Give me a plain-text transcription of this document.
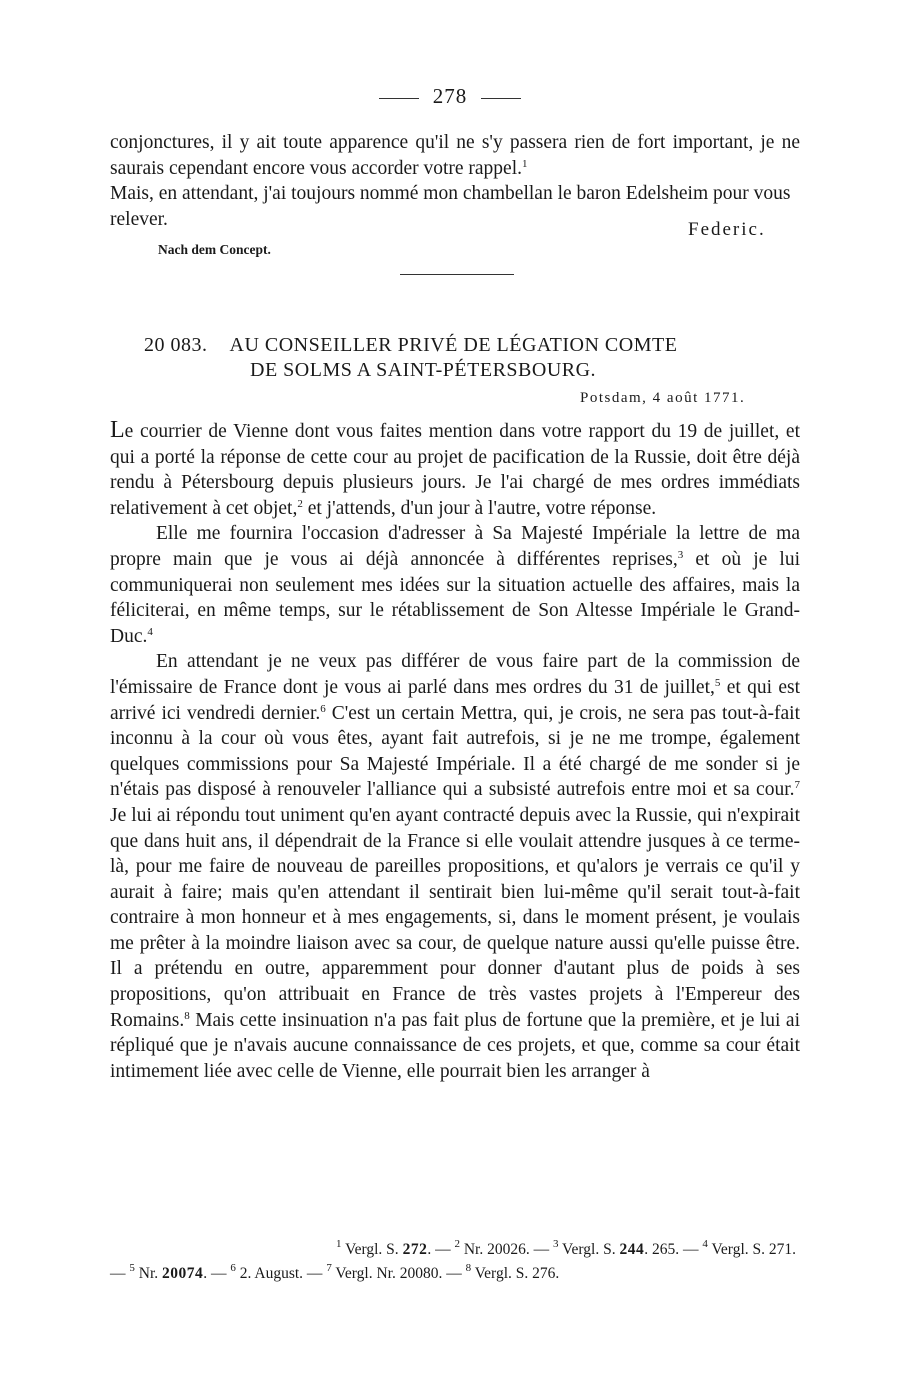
278

conjonctures, il y ait toute apparence qu'il ne s'y passera rien de fort important, je ne saurais cependant encore vous accorder votre rappel.$^1$

Mais, en attendant, j'ai toujours nommé mon chambellan le baron Edelsheim pour vous relever.	Federic.
Nach dem Concept.
20 083. AU CONSEILLER PRIVÉ DE LÉGATION COMTE
DE SOLMS A SAINT-PÉTERSBOURG.
Potsdam, 4 août 1771.

Le courrier de Vienne dont vous faites mention dans votre rapport du 19 de juillet, et qui a porté la réponse de cette cour au projet de pacification de la Russie, doit être déjà rendu à Pétersbourg depuis plusieurs jours. Je l'ai chargé de mes ordres immédiats relativement à cet objet,$^2$ et j'attends, d'un jour à l'autre, votre réponse.

Elle me fournira l'occasion d'adresser à Sa Majesté Impériale la lettre de ma propre main que je vous ai déjà annoncée à différentes reprises,$^3$ et où je lui communiquerai non seulement mes idées sur la situation actuelle des affaires, mais la féliciterai, en même temps, sur le rétablissement de Son Altesse Impériale le Grand-Duc.$^4$

En attendant je ne veux pas différer de vous faire part de la commission de l'émissaire de France dont je vous ai parlé dans mes ordres du 31 de juillet,$^5$ et qui est arrivé ici vendredi dernier.$^6$ C'est un certain Mettra, qui, je crois, ne sera pas tout-à-fait inconnu à la cour où vous êtes, ayant fait autrefois, si je ne me trompe, également quelques commissions pour Sa Majesté Impériale. Il a été chargé de me sonder si je n'étais pas disposé à renouveler l'alliance qui a subsisté autrefois entre moi et sa cour.$^7$ Je lui ai répondu tout uniment qu'en ayant contracté depuis avec la Russie, qui n'expirait que dans huit ans, il dépendrait de la France si elle voulait attendre jusques à ce terme-là, pour me faire de nouveau de pareilles propositions, et qu'alors je verrais ce qu'il y aurait à faire; mais qu'en attendant il sentirait bien lui-même qu'il serait tout-à-fait contraire à mon honneur et à mes engagements, si, dans le moment présent, je voulais me prêter à la moindre liaison avec sa cour, de quelque nature aussi qu'elle puisse être. Il a prétendu en outre, apparemment pour donner d'autant plus de poids à ses propositions, qu'on attribuait en France de très vastes projets à l'Empereur des Romains.$^8$ Mais cette insinuation n'a pas fait plus de fortune que la première, et je lui ai répliqué que je n'avais aucune connaissance de ces projets, et que, comme sa cour était intimement liée avec celle de Vienne, elle pourrait bien les arranger à

$^1$ Vergl. S. 272. — $^2$ Nr. 20026. — $^3$ Vergl. S. 244. 265. — $^4$ Vergl. S. 271.
— $^5$ Nr. 20074. — $^6$ 2. August. — $^7$ Vergl. Nr. 20080. — $^8$ Vergl. S. 276.
